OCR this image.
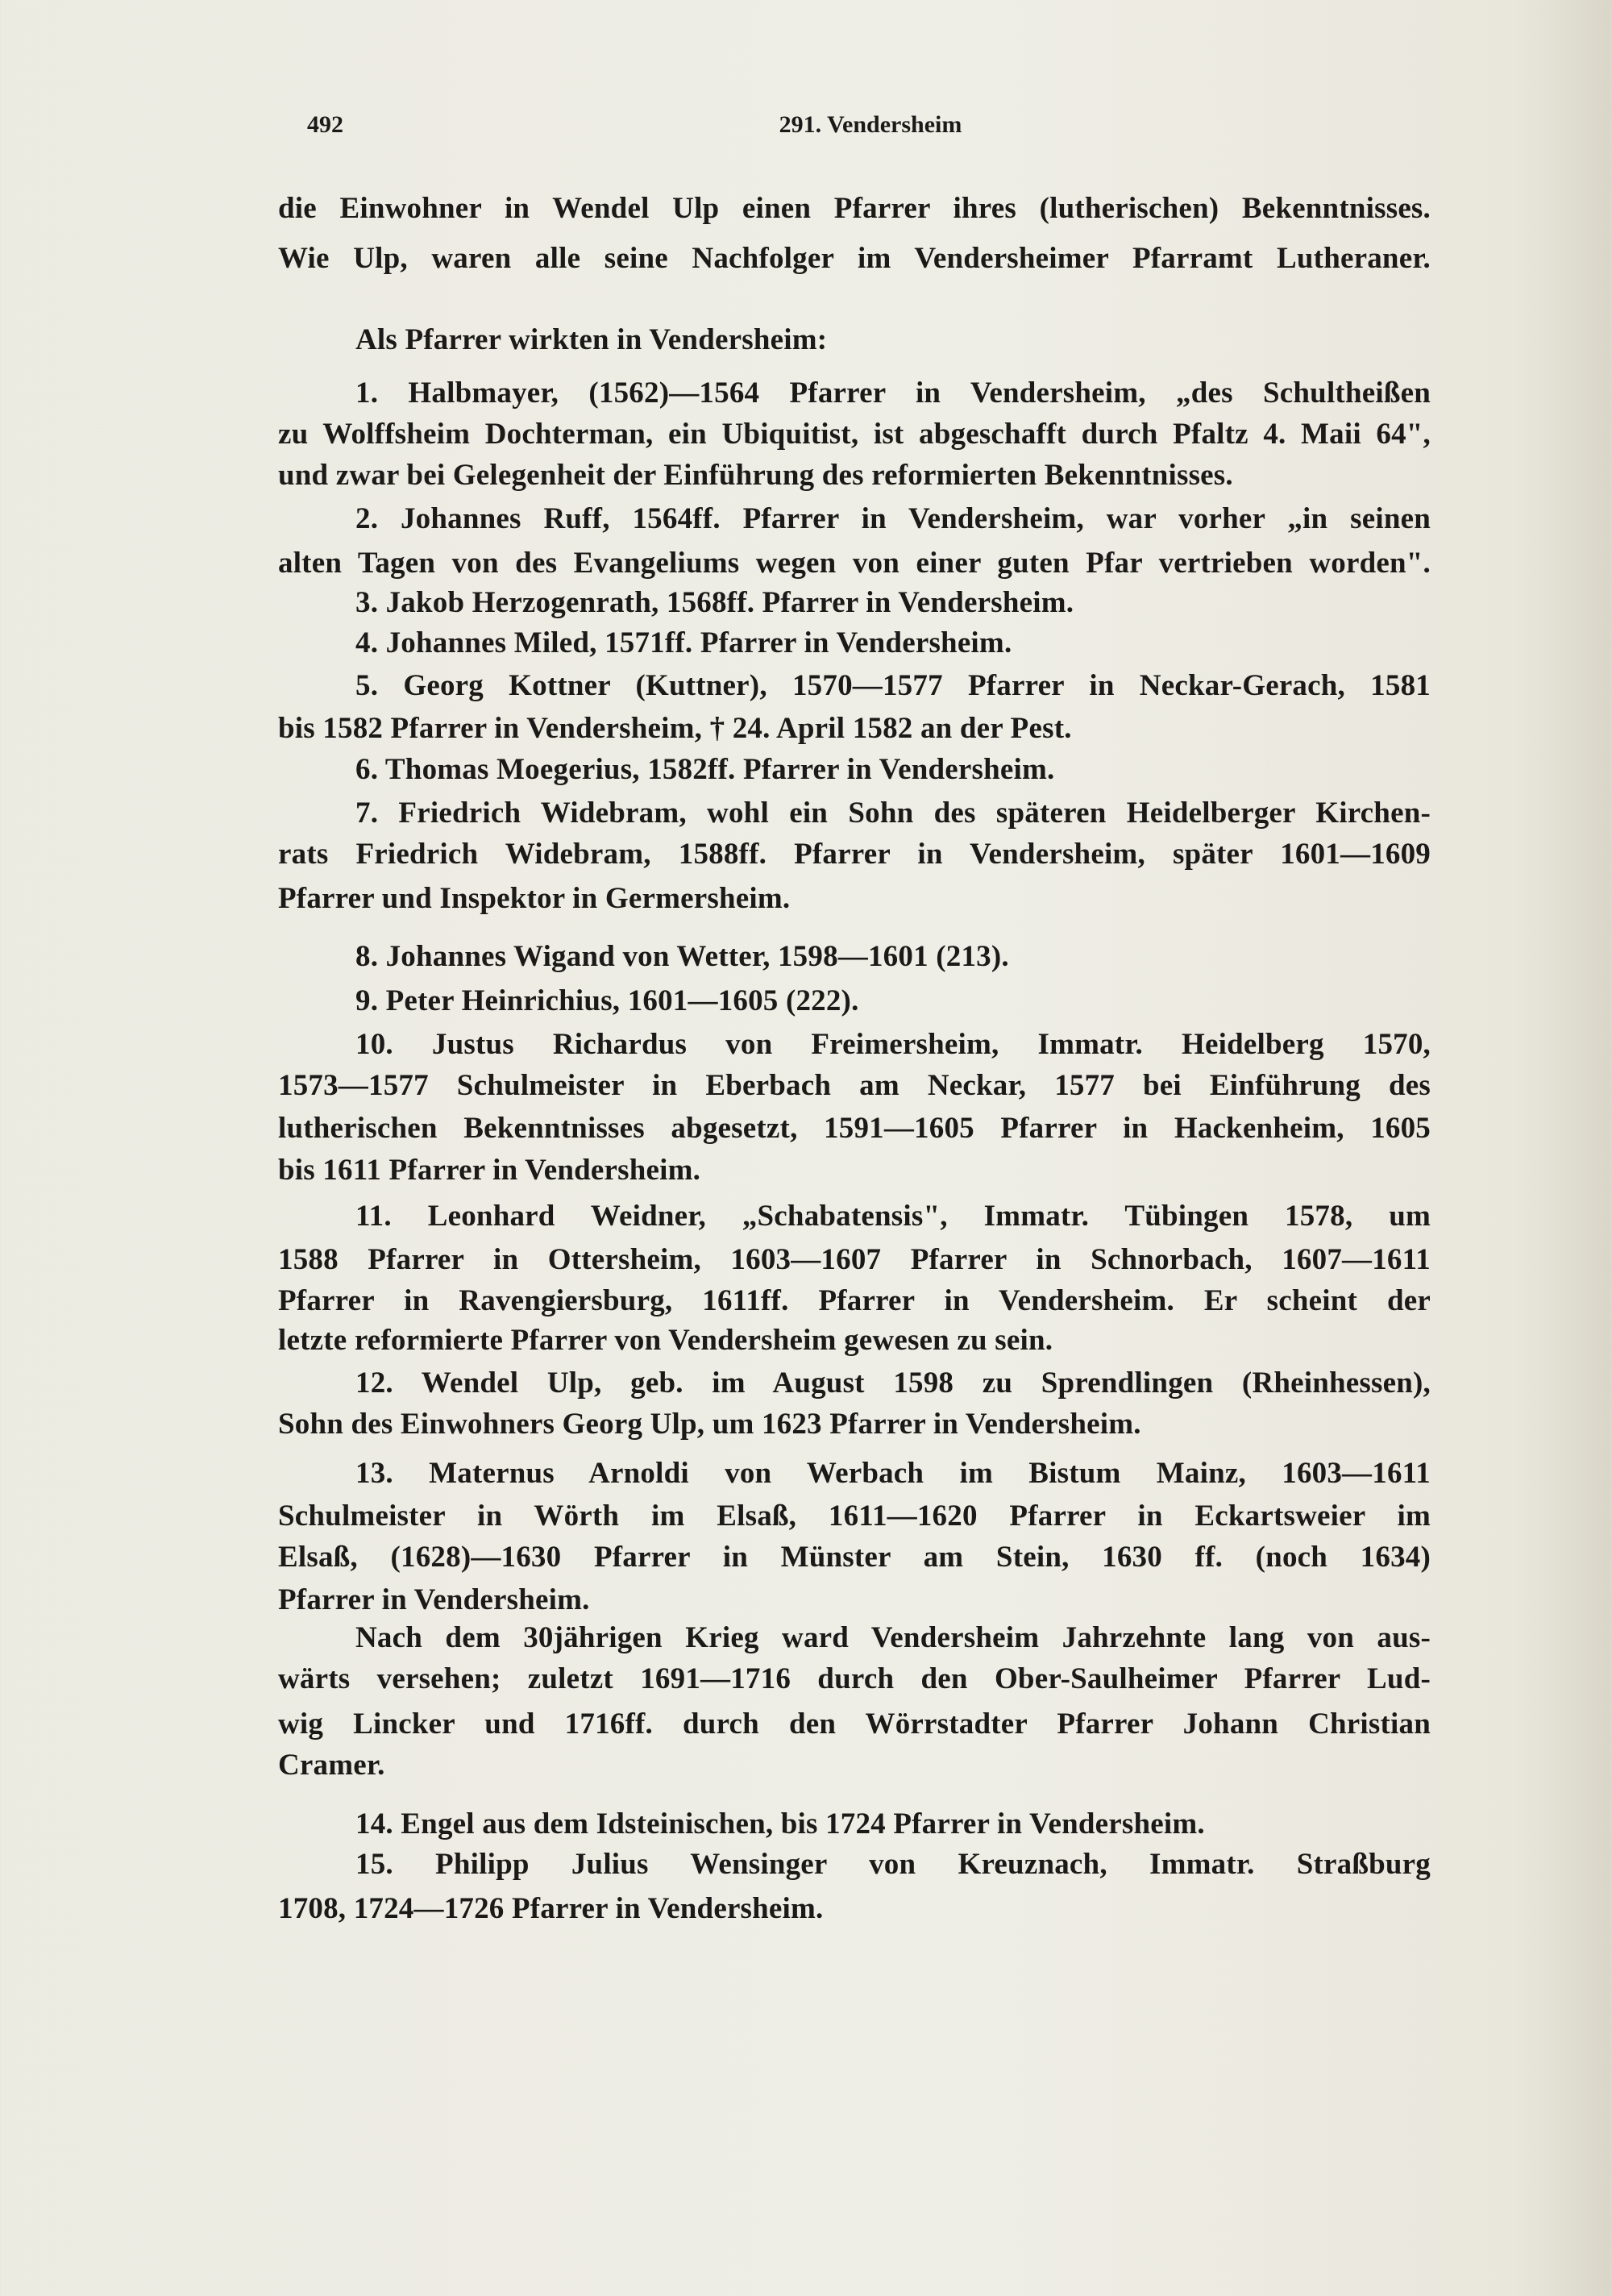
492	291. Vendersheim
die Einwohner in Wendel Ulp einen Pfarrer ihres (lutherischen) Bekenntnisses.
Wie Ulp, waren alle seine Nachfolger im Vendersheimer Pfarramt Lutheraner.
Als Pfarrer wirkten in Vendersheim:
1. Halbmayer, (1562)—1564 Pfarrer in Vendersheim, „des Schultheißen
zu Wolffsheim Dochterman, ein Ubiquitist, ist abgeschafft durch Pfaltz 4. Maii 64",
und zwar bei Gelegenheit der Einführung des reformierten Bekenntnisses.
2. Johannes Ruff, 1564ff. Pfarrer in Vendersheim, war vorher „in seinen
alten Tagen von des Evangeliums wegen von einer guten Pfar vertrieben worden".
3. Jakob Herzogenrath, 1568ff. Pfarrer in Vendersheim.
4. Johannes Miled, 1571ff. Pfarrer in Vendersheim.
5. Georg Kottner (Kuttner), 1570—1577 Pfarrer in Neckar-Gerach, 1581
bis 1582 Pfarrer in Vendersheim, † 24. April 1582 an der Pest.
6. Thomas Moegerius, 1582ff. Pfarrer in Vendersheim.
7. Friedrich Widebram, wohl ein Sohn des späteren Heidelberger Kirchen-
rats Friedrich Widebram, 1588ff. Pfarrer in Vendersheim, später 1601—1609
Pfarrer und Inspektor in Germersheim.
8. Johannes Wigand von Wetter, 1598—1601 (213).
9. Peter Heinrichius, 1601—1605 (222).
10. Justus Richardus von Freimersheim, Immatr. Heidelberg 1570,
1573—1577 Schulmeister in Eberbach am Neckar, 1577 bei Einführung des
lutherischen Bekenntnisses abgesetzt, 1591—1605 Pfarrer in Hackenheim, 1605
bis 1611 Pfarrer in Vendersheim.
11. Leonhard Weidner, „Schabatensis", Immatr. Tübingen 1578, um
1588 Pfarrer in Ottersheim, 1603—1607 Pfarrer in Schnorbach, 1607—1611
Pfarrer in Ravengiersburg, 1611ff. Pfarrer in Vendersheim. Er scheint der
letzte reformierte Pfarrer von Vendersheim gewesen zu sein.
12. Wendel Ulp, geb. im August 1598 zu Sprendlingen (Rheinhessen),
Sohn des Einwohners Georg Ulp, um 1623 Pfarrer in Vendersheim.
13. Maternus Arnoldi von Werbach im Bistum Mainz, 1603—1611
Schulmeister in Wörth im Elsaß, 1611—1620 Pfarrer in Eckartsweier im
Elsaß, (1628)—1630 Pfarrer in Münster am Stein, 1630 ff. (noch 1634)
Pfarrer in Vendersheim.
Nach dem 30jährigen Krieg ward Vendersheim Jahrzehnte lang von aus-
wärts versehen; zuletzt 1691—1716 durch den Ober-Saulheimer Pfarrer Lud-
wig Lincker und 1716ff. durch den Wörrstadter Pfarrer Johann Christian
Cramer.
14. Engel aus dem Idsteinischen, bis 1724 Pfarrer in Vendersheim.
15. Philipp Julius Wensinger von Kreuznach, Immatr. Straßburg
1708, 1724—1726 Pfarrer in Vendersheim.
